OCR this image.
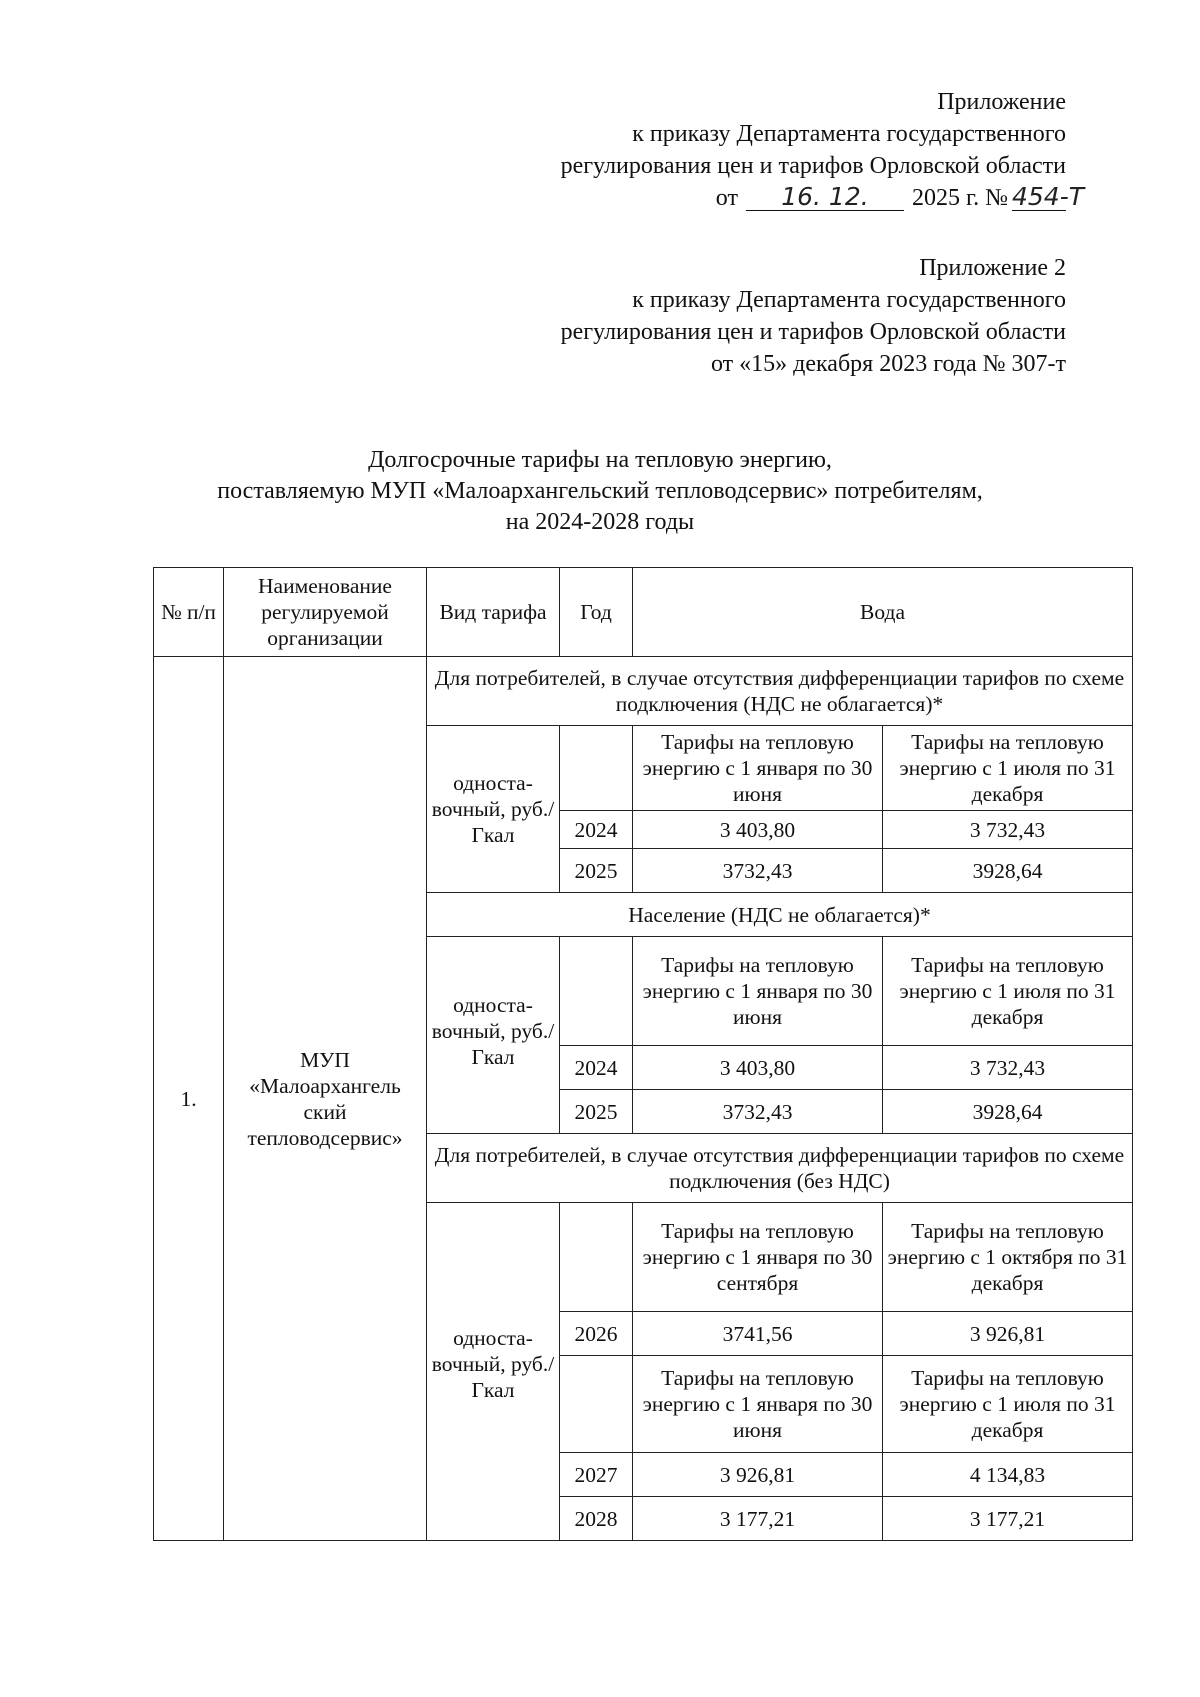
Приложение
к приказу Департамента государственного
регулирования цен и тарифов Орловской области
от 16. 12. 2025 г. № 454-Т
Приложение 2
к приказу Департамента государственного
регулирования цен и тарифов Орловской области
от «15» декабря 2023 года № 307-т
Долгосрочные тарифы на тепловую энергию,
поставляемую МУП «Малоархангельский тепловодсервис» потребителям,
на 2024-2028 годы
№ п/п	Наименование регулируемой организации	Вид тарифа	Год	Вода	
1.	МУП «Малоархангель ский тепловодсервис»	Для потребителей, в случае отсутствия дифференциации тарифов по схеме подключения (НДС не облагается)*			
		односта- вочный, руб./Гкал		Тарифы на тепловую энергию с 1 января по 30 июня	Тарифы на тепловую энергию с 1 июля по 31 декабря
			2024	3 403,80	3 732,43
			2025	3732,43	3928,64
		Население (НДС не облагается)*			
		односта- вочный, руб./Гкал		Тарифы на тепловую энергию с 1 января по 30 июня	Тарифы на тепловую энергию с 1 июля по 31 декабря
			2024	3 403,80	3 732,43
			2025	3732,43	3928,64
		Для потребителей, в случае отсутствия дифференциации тарифов по схеме подключения (без НДС)			
		односта- вочный, руб./Гкал		Тарифы на тепловую энергию с 1 января по 30 сентября	Тарифы на тепловую энергию с 1 октября по 31 декабря
			2026	3741,56	3 926,81
				Тарифы на тепловую энергию с 1 января по 30 июня	Тарифы на тепловую энергию с 1 июля по 31 декабря
			2027	3 926,81	4 134,83
			2028	3 177,21	3 177,21
